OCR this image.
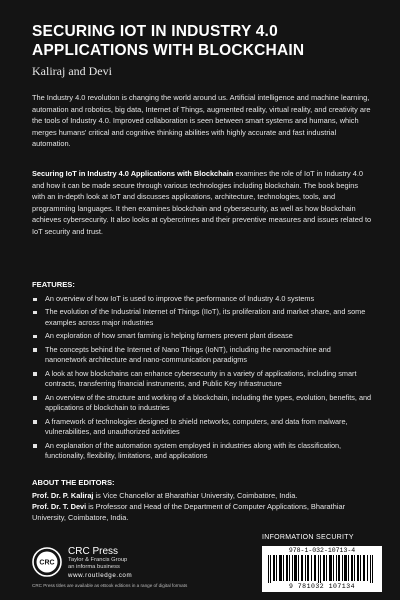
SECURING IOT IN INDUSTRY 4.0 APPLICATIONS WITH BLOCKCHAIN
Kaliraj and Devi
The Industry 4.0 revolution is changing the world around us. Artificial intelligence and machine learning, automation and robotics, big data, Internet of Things, augmented reality, virtual reality, and creativity are the tools of Industry 4.0. Improved collaboration is seen between smart systems and humans, which merges humans' critical and cognitive thinking abilities with highly accurate and fast industrial automation.
Securing IoT in Industry 4.0 Applications with Blockchain examines the role of IoT in Industry 4.0 and how it can be made secure through various technologies including blockchain. The book begins with an in-depth look at IoT and discusses applications, architecture, technologies, tools, and programming languages. It then examines blockchain and cybersecurity, as well as how blockchain achieves cybersecurity. It also looks at cybercrimes and their preventive measures and issues related to IoT security and trust.
FEATURES:
An overview of how IoT is used to improve the performance of Industry 4.0 systems
The evolution of the Industrial Internet of Things (IIoT), its proliferation and market share, and some examples across major industries
An exploration of how smart farming is helping farmers prevent plant disease
The concepts behind the Internet of Nano Things (IoNT), including the nanomachine and nanonetwork architecture and nano-communication paradigms
A look at how blockchains can enhance cybersecurity in a variety of applications, including smart contracts, transferring financial instruments, and Public Key Infrastructure
An overview of the structure and working of a blockchain, including the types, evolution, benefits, and applications of blockchain to industries
A framework of technologies designed to shield networks, computers, and data from malware, vulnerabilities, and unauthorized activities
An explanation of the automation system employed in industries along with its classification, functionality, flexibility, limitations, and applications
ABOUT THE EDITORS:

Prof. Dr. P. Kaliraj is Vice Chancellor at Bharathiar University, Coimbatore, India.

Prof. Dr. T. Devi is Professor and Head of the Department of Computer Applications, Bharathiar University, Coimbatore, India.

INFORMATION SECURITY
978-1-032-10713-4
9 781032 107134
CRC
CRC Press
Taylor & Francis Group
an informa business
www.routledge.com
CRC Press titles are available as eBook editions in a range of digital formats
